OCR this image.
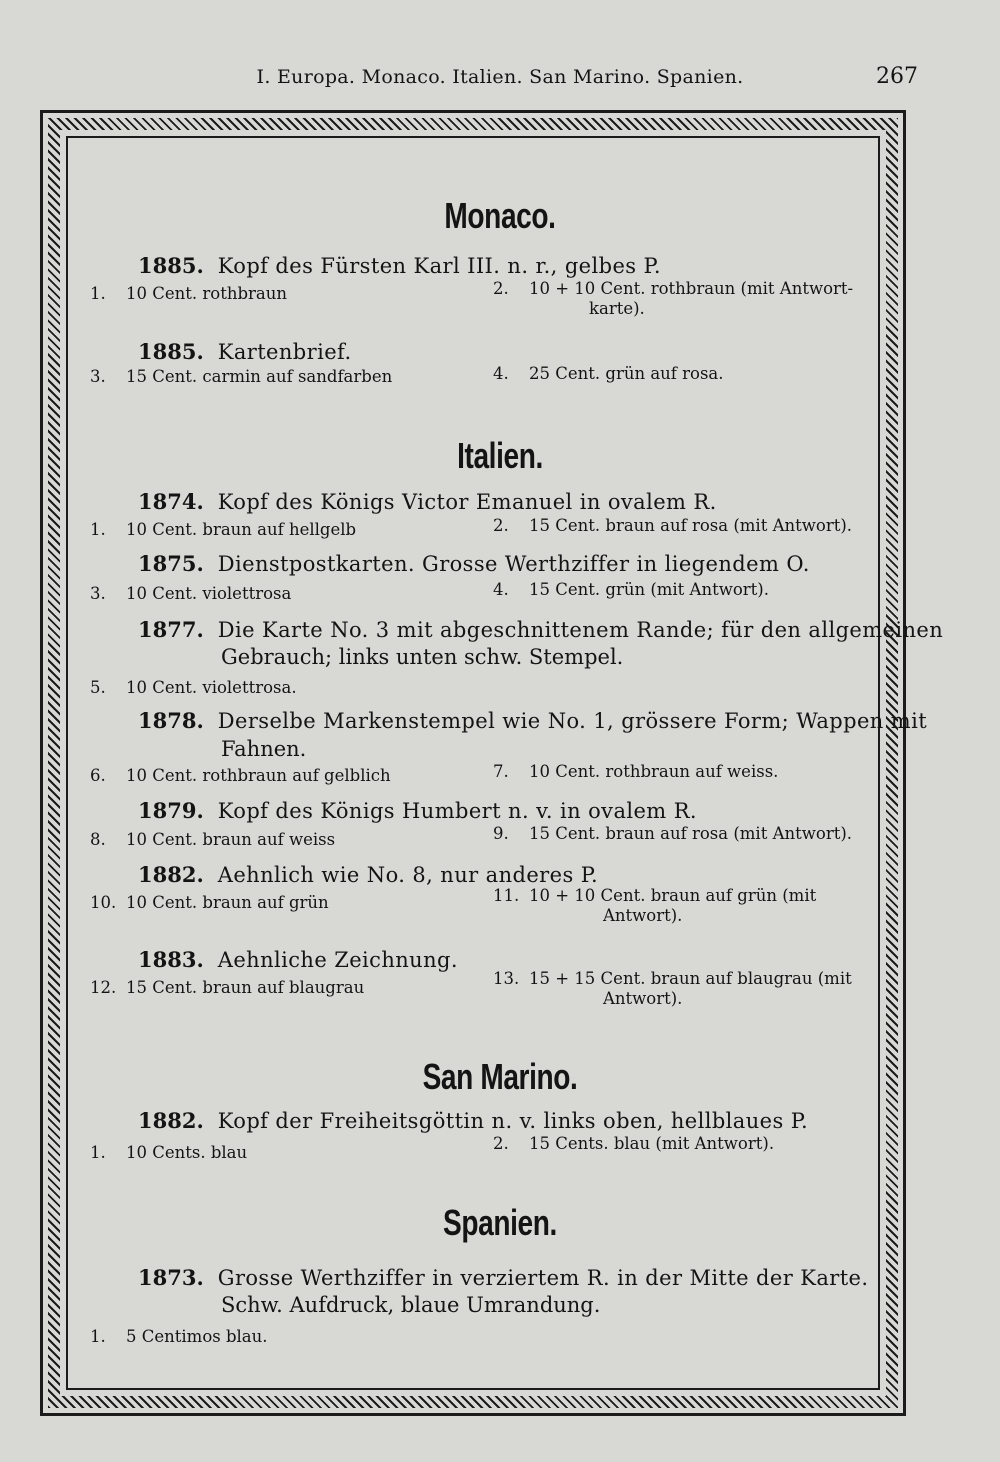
I. Europa. Monaco. Italien. San Marino. Spanien.	267
Monaco.
1885. Kopf des Fürsten Karl III. n. r., gelbes P.
1. 10 Cent. rothbraun	2. 10 + 10 Cent. rothbraun (mit Antwort-
karte).
1885. Kartenbrief.
3. 15 Cent. carmin auf sandfarben	4. 25 Cent. grün auf rosa.
Italien.
1874. Kopf des Königs Victor Emanuel in ovalem R.
1. 10 Cent. braun auf hellgelb	2. 15 Cent. braun auf rosa (mit Antwort).
1875. Dienstpostkarten. Grosse Werthziffer in liegendem O.
3. 10 Cent. violettrosa	4. 15 Cent. grün (mit Antwort).
1877. Die Karte No. 3 mit abgeschnittenem Rande; für den allgemeinen
Gebrauch; links unten schw. Stempel.
5. 10 Cent. violettrosa.
1878. Derselbe Markenstempel wie No. 1, grössere Form; Wappen mit
Fahnen.
6. 10 Cent. rothbraun auf gelblich	7. 10 Cent. rothbraun auf weiss.
1879. Kopf des Königs Humbert n. v. in ovalem R.
8. 10 Cent. braun auf weiss	9. 15 Cent. braun auf rosa (mit Antwort).
1882. Aehnlich wie No. 8, nur anderes P.
10. 10 Cent. braun auf grün	11. 10 + 10 Cent. braun auf grün (mit
Antwort).
1883. Aehnliche Zeichnung.
12. 15 Cent. braun auf blaugrau	13. 15 + 15 Cent. braun auf blaugrau (mit
Antwort).
San Marino.
1882. Kopf der Freiheitsgöttin n. v. links oben, hellblaues P.
1. 10 Cents. blau	2. 15 Cents. blau (mit Antwort).
Spanien.
1873. Grosse Werthziffer in verziertem R. in der Mitte der Karte.
Schw. Aufdruck, blaue Umrandung.
1. 5 Centimos blau.
